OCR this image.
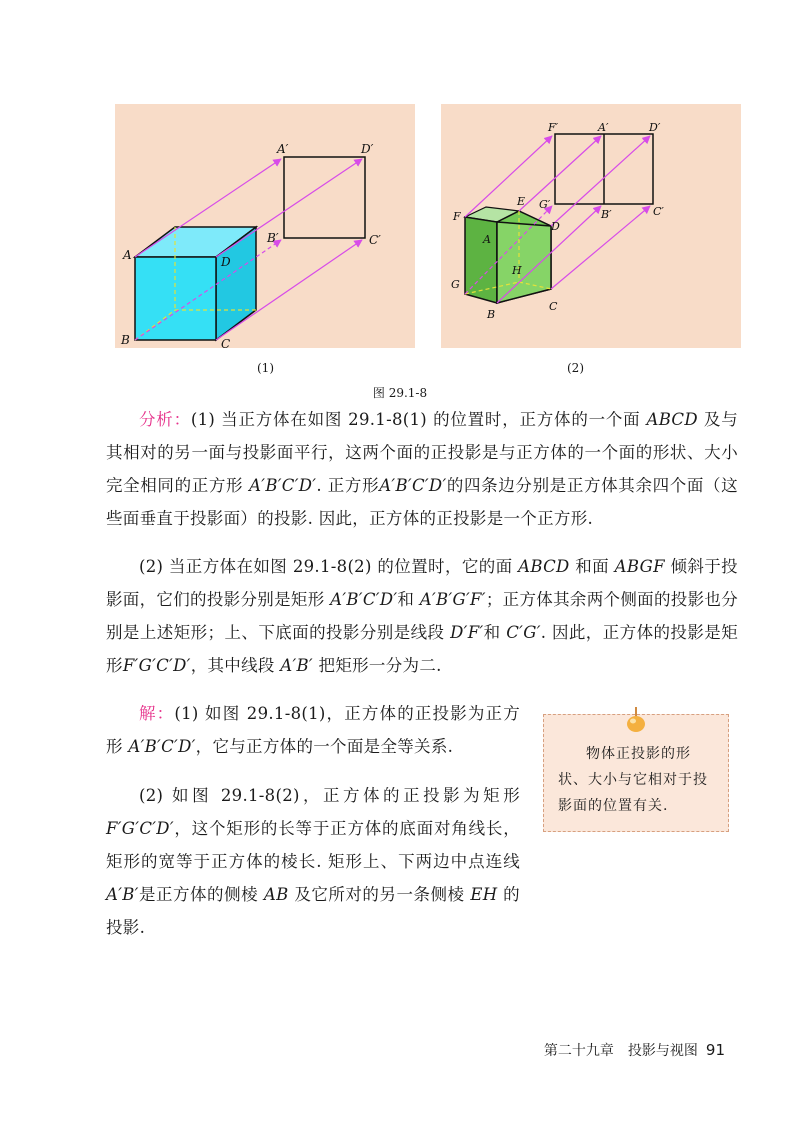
A	D
B	C
A′	D′
B′	C′
F′	A′	D′
G′
B′	C′
F
E
A
D
H
G
B
C
(1)	(2)
图 29.1-8
分析：(1) 当正方体在如图 29.1-8(1) 的位置时，正方体的一个面 ABCD 及与其相对的另一面与投影面平行，这两个面的正投影是与正方体的一个面的形状、大小完全相同的正方形 A′B′C′D′. 正方形A′B′C′D′的四条边分别是正方体其余四个面（这些面垂直于投影面）的投影. 因此，正方体的正投影是一个正方形.
(2) 当正方体在如图 29.1-8(2) 的位置时，它的面 ABCD 和面 ABGF 倾斜于投影面，它们的投影分别是矩形 A′B′C′D′和 A′B′G′F′；正方体其余两个侧面的投影也分别是上述矩形；上、下底面的投影分别是线段 D′F′和 C′G′. 因此，正方体的投影是矩形F′G′C′D′，其中线段 A′B′ 把矩形一分为二.
解：(1) 如图 29.1-8(1)，正方体的正投影为正方形 A′B′C′D′，它与正方体的一个面是全等关系.
(2) 如图 29.1-8(2)，正方体的正投影为矩形F′G′C′D′，这个矩形的长等于正方体的底面对角线长，矩形的宽等于正方体的棱长. 矩形上、下两边中点连线A′B′是正方体的侧棱 AB 及它所对的另一条侧棱 EH 的投影.
物体正投影的形状、大小与它相对于投影面的位置有关.
第二十九章　投影与视图 91
